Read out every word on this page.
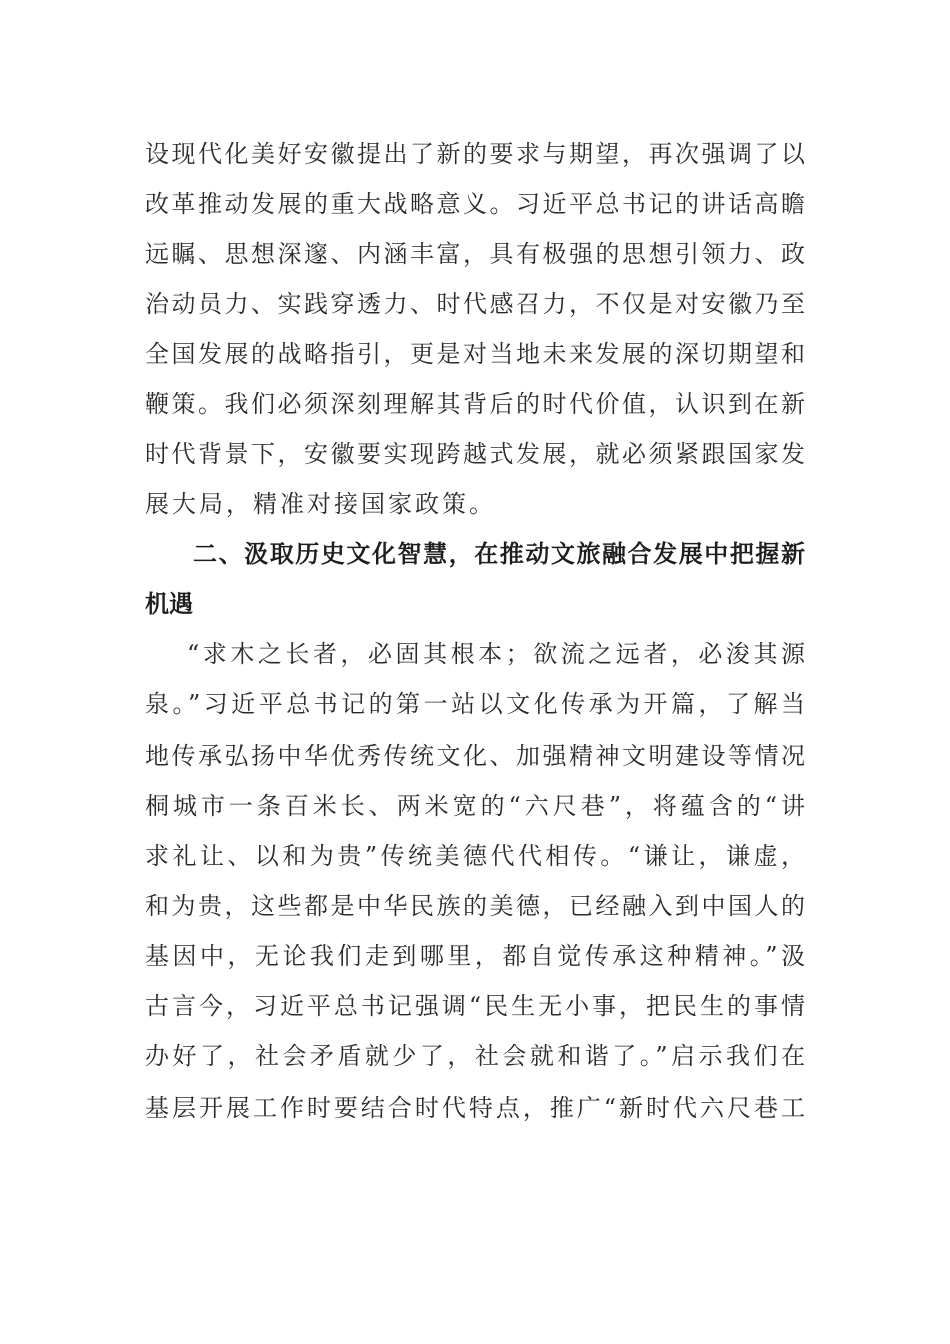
设现代化美好安徽提出了新的要求与期望，再次强调了以
改革推动发展的重大战略意义。习近平总书记的讲话高瞻
远瞩、思想深邃、内涵丰富，具有极强的思想引领力、政
治动员力、实践穿透力、时代感召力，不仅是对安徽乃至
全国发展的战略指引，更是对当地未来发展的深切期望和
鞭策。我们必须深刻理解其背后的时代价值，认识到在新
时代背景下，安徽要实现跨越式发展，就必须紧跟国家发
展大局，精准对接国家政策。
二、汲取历史文化智慧，在推动文旅融合发展中把握新
机遇
“求木之长者，必固其根本；欲流之远者，必浚其源
泉。”习近平总书记的第一站以文化传承为开篇，了解当
地传承弘扬中华优秀传统文化、加强精神文明建设等情况
桐城市一条百米长、两米宽的“六尺巷”，将蕴含的“讲
求礼让、以和为贵”传统美德代代相传。“谦让，谦虚，
和为贵，这些都是中华民族的美德，已经融入到中国人的
基因中，无论我们走到哪里，都自觉传承这种精神。”汲
古言今，习近平总书记强调“民生无小事，把民生的事情
办好了，社会矛盾就少了，社会就和谐了。”启示我们在
基层开展工作时要结合时代特点，推广“新时代六尺巷工
